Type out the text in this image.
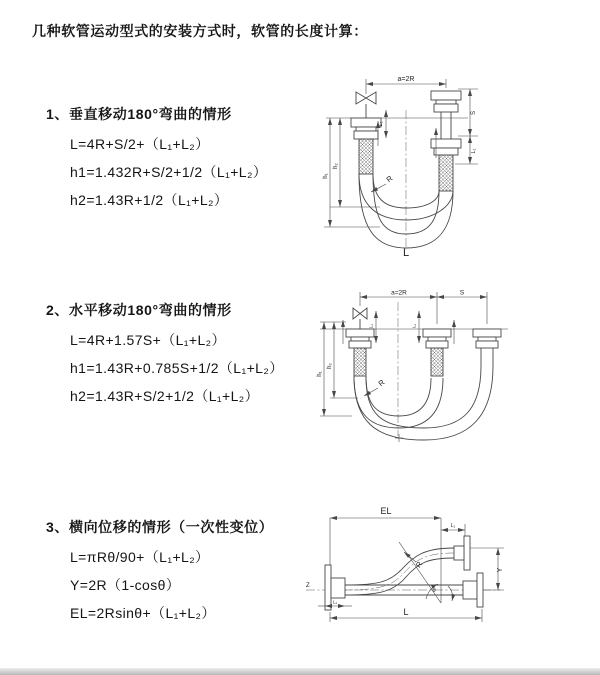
几种软管运动型式的安装方式时，软管的长度计算：
1、垂直移动180°弯曲的情形
L=4R+S/2+（L₁+L₂）
h1=1.432R+S/2+1/2（L₁+L₂）
h2=1.43R+1/2（L₁+L₂）
2、水平移动180°弯曲的情形
L=4R+1.57S+（L₁+L₂）
h1=1.43R+0.785S+1/2（L₁+L₂）
h2=1.43R+S/2+1/2（L₁+L₂）
3、横向位移的情形（一次性变位）
L=πRθ/90+（L₁+L₂）
Y=2R（1-cosθ）
EL=2Rsinθ+（L₁+L₂）
a=2R
h₁
h₂
L₁
S
L₁
R
L
a=2R	S
h₁
h₂
L₁	L₁
R
Z
EL
L₁
Y
θ
R
L₁
L
